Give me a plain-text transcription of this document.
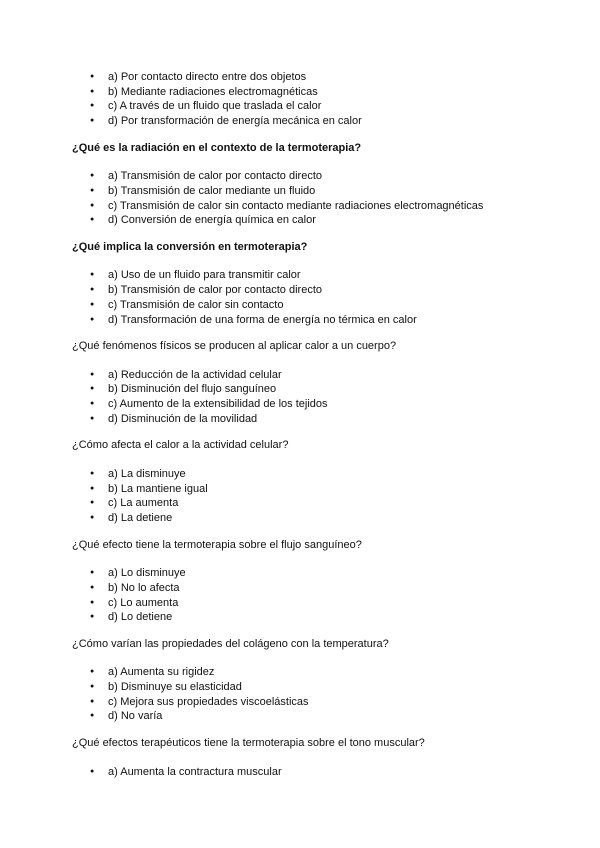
● a) Por contacto directo entre dos objetos
● b) Mediante radiaciones electromagnéticas
● c) A través de un fluido que traslada el calor
● d) Por transformación de energía mecánica en calor
¿Qué es la radiación en el contexto de la termoterapia?
● a) Transmisión de calor por contacto directo
● b) Transmisión de calor mediante un fluido
● c) Transmisión de calor sin contacto mediante radiaciones electromagnéticas
● d) Conversión de energía química en calor
¿Qué implica la conversión en termoterapia?
● a) Uso de un fluido para transmitir calor
● b) Transmisión de calor por contacto directo
● c) Transmisión de calor sin contacto
● d) Transformación de una forma de energía no térmica en calor
¿Qué fenómenos físicos se producen al aplicar calor a un cuerpo?
● a) Reducción de la actividad celular
● b) Disminución del flujo sanguíneo
● c) Aumento de la extensibilidad de los tejidos
● d) Disminución de la movilidad
¿Cómo afecta el calor a la actividad celular?
● a) La disminuye
● b) La mantiene igual
● c) La aumenta
● d) La detiene
¿Qué efecto tiene la termoterapia sobre el flujo sanguíneo?
● a) Lo disminuye
● b) No lo afecta
● c) Lo aumenta
● d) Lo detiene
¿Cómo varían las propiedades del colágeno con la temperatura?
● a) Aumenta su rigidez
● b) Disminuye su elasticidad
● c) Mejora sus propiedades viscoelásticas
● d) No varía
¿Qué efectos terapéuticos tiene la termoterapia sobre el tono muscular?
● a) Aumenta la contractura muscular
